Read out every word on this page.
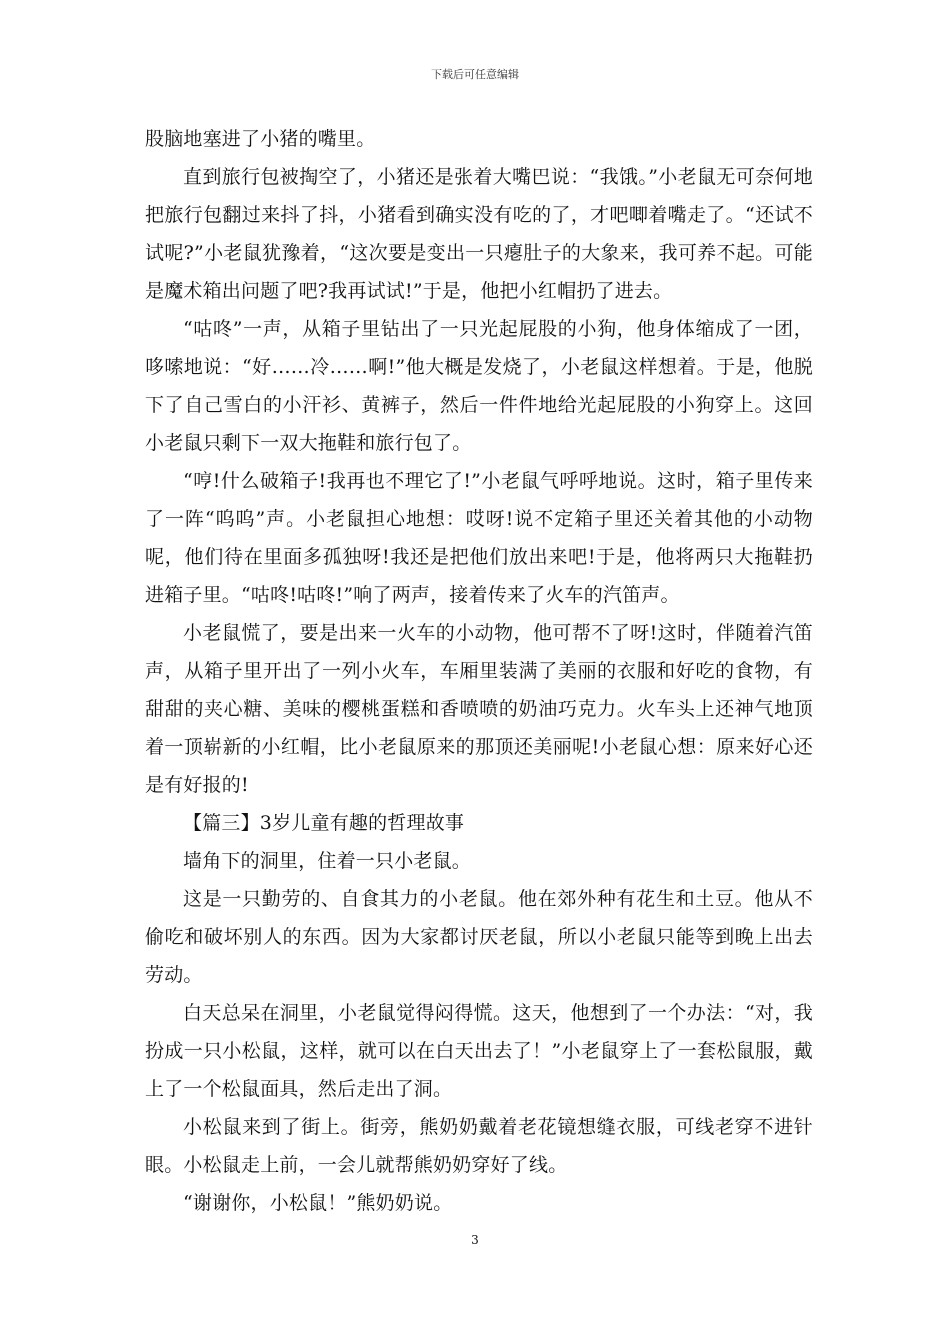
下载后可任意编辑

股脑地塞进了小猪的嘴里。

直到旅行包被掏空了，小猪还是张着大嘴巴说：“我饿。”小老鼠无可奈何地把旅行包翻过来抖了抖，小猪看到确实没有吃的了，才吧唧着嘴走了。“还试不试呢?”小老鼠犹豫着，“这次要是变出一只瘪肚子的大象来，我可养不起。可能是魔术箱出问题了吧?我再试试!”于是，他把小红帽扔了进去。

“咕咚”一声，从箱子里钻出了一只光起屁股的小狗，他身体缩成了一团，哆嗦地说：“好……冷……啊!”他大概是发烧了，小老鼠这样想着。于是，他脱下了自己雪白的小汗衫、黄裤子，然后一件件地给光起屁股的小狗穿上。这回小老鼠只剩下一双大拖鞋和旅行包了。

“哼!什么破箱子!我再也不理它了!”小老鼠气呼呼地说。这时，箱子里传来了一阵“呜呜”声。小老鼠担心地想：哎呀!说不定箱子里还关着其他的小动物呢，他们待在里面多孤独呀!我还是把他们放出来吧!于是，他将两只大拖鞋扔进箱子里。“咕咚!咕咚!”响了两声，接着传来了火车的汽笛声。

小老鼠慌了，要是出来一火车的小动物，他可帮不了呀!这时，伴随着汽笛声，从箱子里开出了一列小火车，车厢里装满了美丽的衣服和好吃的食物，有甜甜的夹心糖、美味的樱桃蛋糕和香喷喷的奶油巧克力。火车头上还神气地顶着一顶崭新的小红帽，比小老鼠原来的那顶还美丽呢!小老鼠心想：原来好心还是有好报的!

【篇三】3岁儿童有趣的哲理故事

墙角下的洞里，住着一只小老鼠。

这是一只勤劳的、自食其力的小老鼠。他在郊外种有花生和土豆。他从不偷吃和破坏别人的东西。因为大家都讨厌老鼠，所以小老鼠只能等到晚上出去劳动。

白天总呆在洞里，小老鼠觉得闷得慌。这天，他想到了一个办法：“对，我扮成一只小松鼠，这样，就可以在白天出去了！”小老鼠穿上了一套松鼠服，戴上了一个松鼠面具，然后走出了洞。

小松鼠来到了街上。街旁，熊奶奶戴着老花镜想缝衣服，可线老穿不进针眼。小松鼠走上前，一会儿就帮熊奶奶穿好了线。

“谢谢你，小松鼠！”熊奶奶说。

3
